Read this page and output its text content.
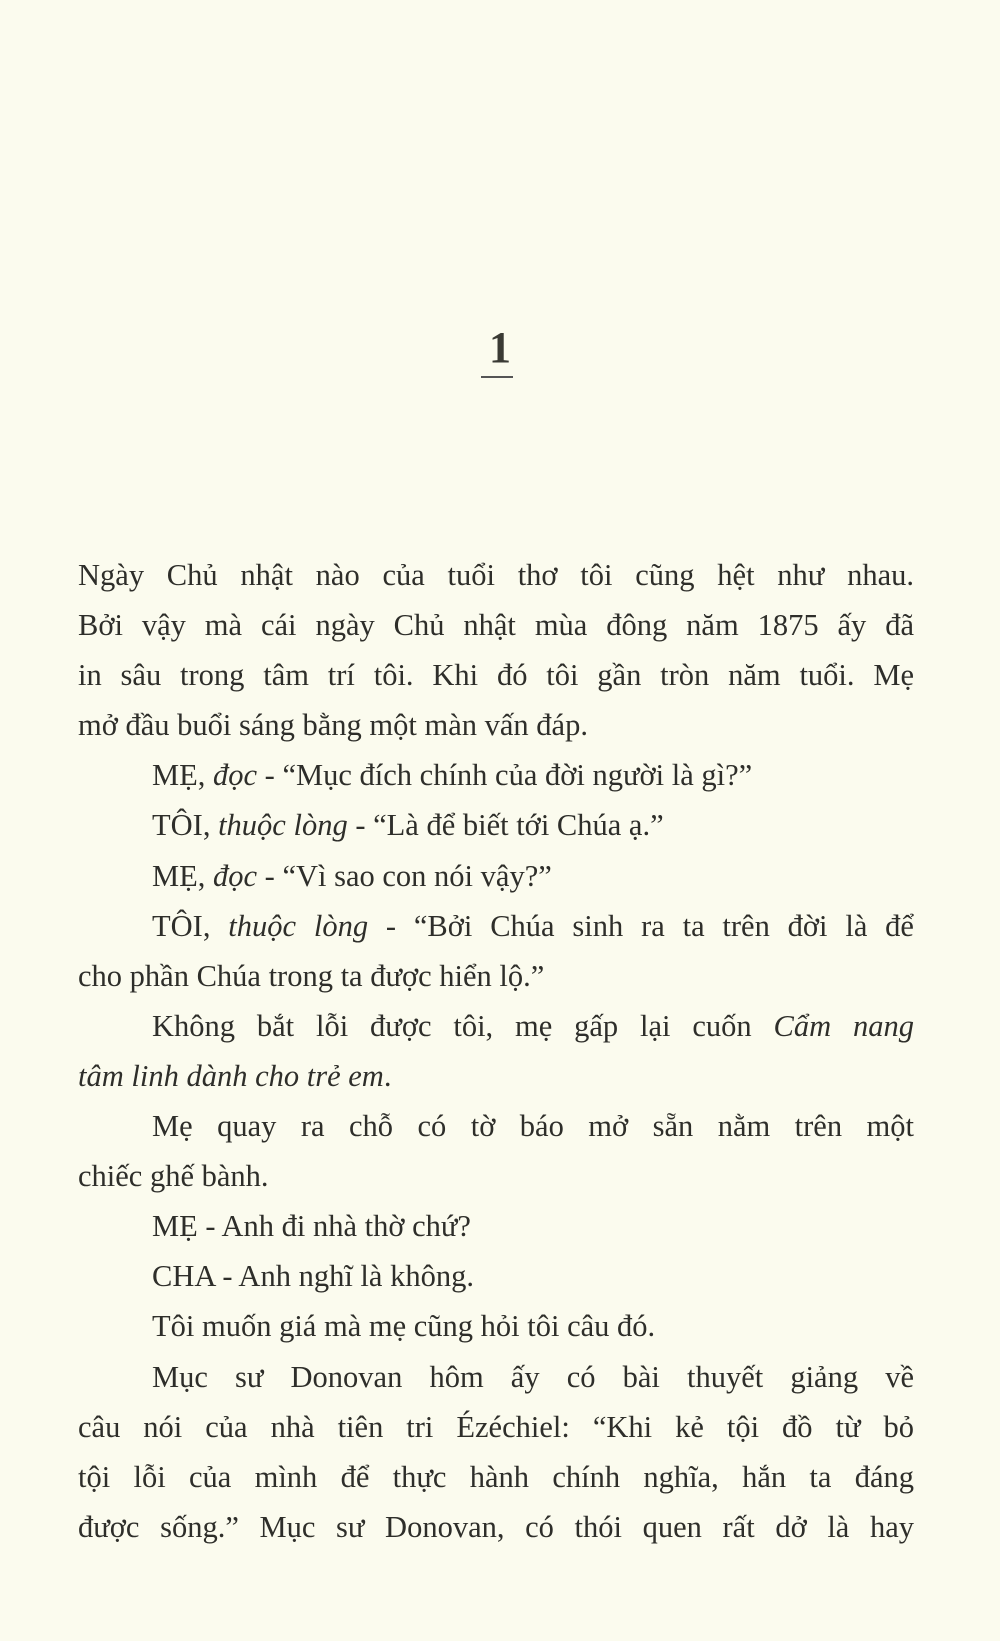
1
Ngày Chủ nhật nào của tuổi thơ tôi cũng hệt như nhau.
Bởi vậy mà cái ngày Chủ nhật mùa đông năm 1875 ấy đã
in sâu trong tâm trí tôi. Khi đó tôi gần tròn năm tuổi. Mẹ
mở đầu buổi sáng bằng một màn vấn đáp.
MẸ, đọc - “Mục đích chính của đời người là gì?”
TÔI, thuộc lòng - “Là để biết tới Chúa ạ.”
MẸ, đọc - “Vì sao con nói vậy?”
TÔI, thuộc lòng - “Bởi Chúa sinh ra ta trên đời là để
cho phần Chúa trong ta được hiển lộ.”
Không bắt lỗi được tôi, mẹ gấp lại cuốn Cẩm nang
tâm linh dành cho trẻ em.
Mẹ quay ra chỗ có tờ báo mở sẵn nằm trên một
chiếc ghế bành.
MẸ - Anh đi nhà thờ chứ?
CHA - Anh nghĩ là không.
Tôi muốn giá mà mẹ cũng hỏi tôi câu đó.
Mục sư Donovan hôm ấy có bài thuyết giảng về
câu nói của nhà tiên tri Ézéchiel: “Khi kẻ tội đồ từ bỏ
tội lỗi của mình để thực hành chính nghĩa, hắn ta đáng
được sống.” Mục sư Donovan, có thói quen rất dở là hay
